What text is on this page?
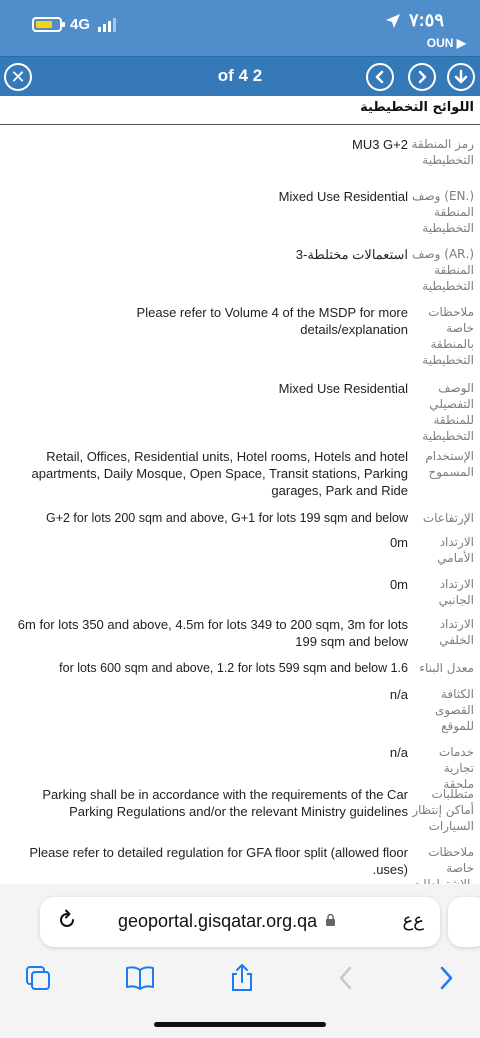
4G	٧:٥٩
OUN ▶
✕	of 4 2
اللوائح التخطيطية
رمز المنطقة التخطيطية
MU3 G+2
(.EN) وصف المنطقة التخطيطية
Mixed Use Residential
(.AR) وصف المنطقة التخطيطية
استعمالات مختلطة-3
ملاحظات خاصة بالمنطقة التخطيطية
Please refer to Volume 4 of the MSDP for more details/explanation
الوصف التفصيلي للمنطقة التخطيطية
Mixed Use Residential
الإستخدام المسموح
Retail, Offices, Residential units, Hotel rooms, Hotels and hotel apartments, Daily Mosque, Open Space, Transit stations, Parking garages, Park and Ride
الإرتفاعات
G+2 for lots 200 sqm and above, G+1 for lots 199 sqm and below
الارتداد الأمامي
0m
الارتداد الجانبي
0m
الارتداد الخلفي
6m for lots 350 and above, 4.5m for lots 349 to 200 sqm, 3m for lots 199 sqm and below
معدل البناء
1.6 for lots 600 sqm and above, 1.2 for lots 599 sqm and below
الكثافة القصوى للموقع
n/a
خدمات تجارية ملحقة
n/a
متطلبات أماكن إنتظار السيارات
Parking shall be in accordance with the requirements of the Car Parking Regulations and/or the relevant Ministry guidelines
ملاحظات خاصة
Please refer to detailed regulation for GFA floor split (allowed floor uses).
geoportal.gisqatar.org.qa	ﻉﻉ
